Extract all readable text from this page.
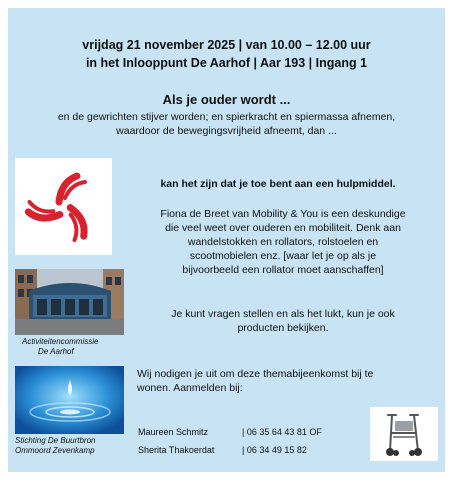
vrijdag 21 november 2025 | van 10.00 – 12.00 uur
in het Inlooppunt De Aarhof | Aar 193 | Ingang 1
Als je ouder wordt ...
en de gewrichten stijver worden; en spierkracht en spiermassa afnemen,
waardoor de bewegingsvrijheid afneemt, dan ...
Activiteitencommissie
De Aarhof
Stichting De Buurtbron
Ommoord Zevenkamp
kan het zijn dat je toe bent aan een hulpmiddel.
Fiona de Breet van Mobility & You is een deskundige
die veel weet over ouderen en mobiliteit. Denk aan
wandelstokken en rollators, rolstoelen en
scootmobielen enz. [waar let je op als je
bijvoorbeeld een rollator moet aanschaffen]
Je kunt vragen stellen en als het lukt, kun je ook
producten bekijken.
Wij nodigen je uit om deze themabijeenkomst bij te
wonen. Aanmelden bij:
Maureen Schmitz	| 06 35 64 43 81 OF
Sherita Thakoerdat	| 06 34 49 15 82
